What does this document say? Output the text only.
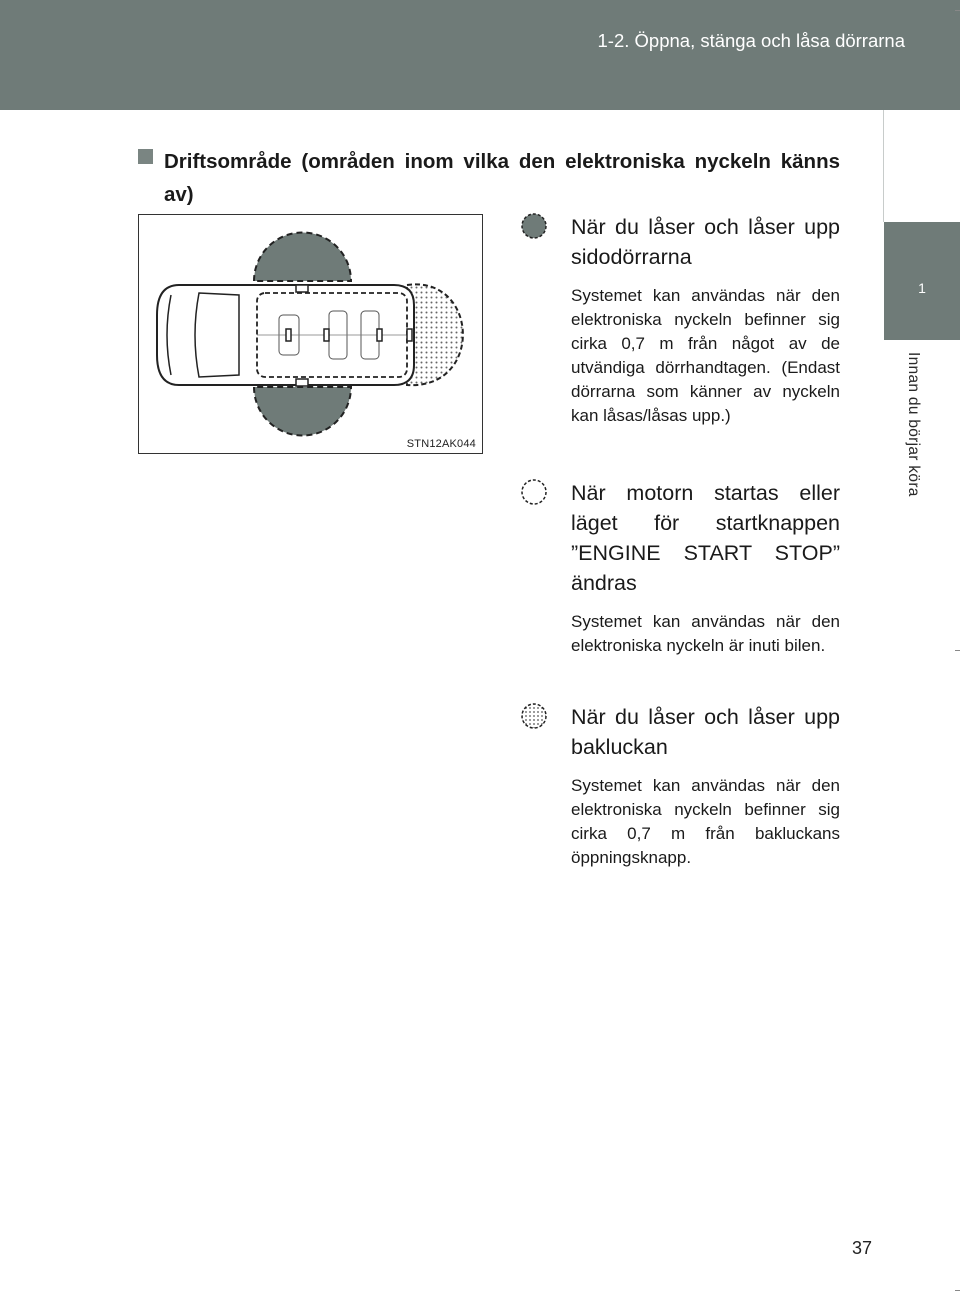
1-2. Öppna, stänga och låsa dörrarna
1
Innan du börjar köra
Driftsområde (områden inom vilka den elektroniska nyckeln känns av)
STN12AK044
När du låser och låser upp sidodörrarna
Systemet kan användas när den elektroniska nyckeln befinner sig cirka 0,7 m från något av de utvändiga dörrhandtagen. (Endast dörrarna som känner av nyckeln kan låsas/låsas upp.)
När motorn startas eller läget för startknappen ”ENGINE START STOP” ändras
Systemet kan användas när den elektroniska nyckeln är inuti bilen.
När du låser och låser upp bakluckan
Systemet kan användas när den elektroniska nyckeln befinner sig cirka 0,7 m från bakluckans öppningsknapp.
37
